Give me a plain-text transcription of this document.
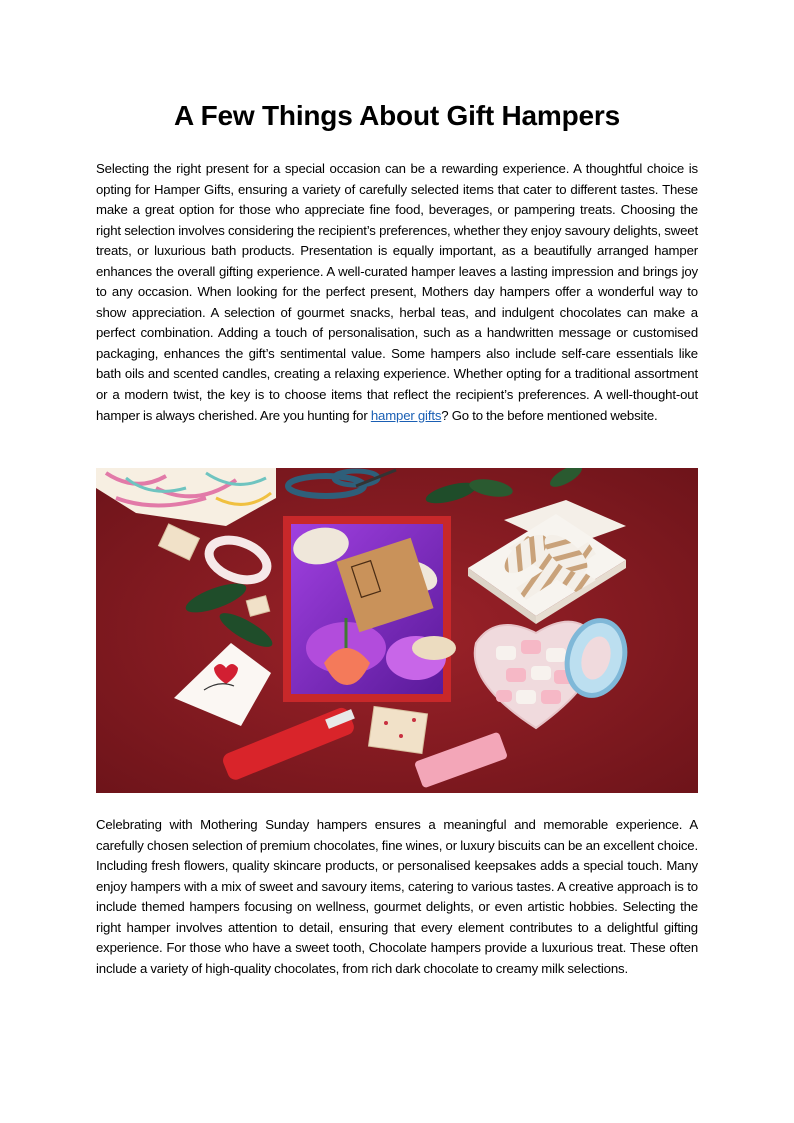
A Few Things About Gift Hampers

Selecting the right present for a special occasion can be a rewarding experience. A thoughtful choice is opting for Hamper Gifts, ensuring a variety of carefully selected items that cater to different tastes. These make a great option for those who appreciate fine food, beverages, or pampering treats. Choosing the right selection involves considering the recipient’s preferences, whether they enjoy savoury delights, sweet treats, or luxurious bath products. Presentation is equally important, as a beautifully arranged hamper enhances the overall gifting experience. A well-curated hamper leaves a lasting impression and brings joy to any occasion. When looking for the perfect present, Mothers day hampers offer a wonderful way to show appreciation. A selection of gourmet snacks, herbal teas, and indulgent chocolates can make a perfect combination. Adding a touch of personalisation, such as a handwritten message or customised packaging, enhances the gift’s sentimental value. Some hampers also include self-care essentials like bath oils and scented candles, creating a relaxing experience. Whether opting for a traditional assortment or a modern twist, the key is to choose items that reflect the recipient’s preferences. A well-thought-out hamper is always cherished. Are you hunting for hamper gifts? Go to the before mentioned website.

Celebrating with Mothering Sunday hampers ensures a meaningful and memorable experience. A carefully chosen selection of premium chocolates, fine wines, or luxury biscuits can be an excellent choice. Including fresh flowers, quality skincare products, or personalised keepsakes adds a special touch. Many enjoy hampers with a mix of sweet and savoury items, catering to various tastes. A creative approach is to include themed hampers focusing on wellness, gourmet delights, or even artistic hobbies. Selecting the right hamper involves attention to detail, ensuring that every element contributes to a delightful gifting experience. For those who have a sweet tooth, Chocolate hampers provide a luxurious treat. These often include a variety of high-quality chocolates, from rich dark chocolate to creamy milk selections.
